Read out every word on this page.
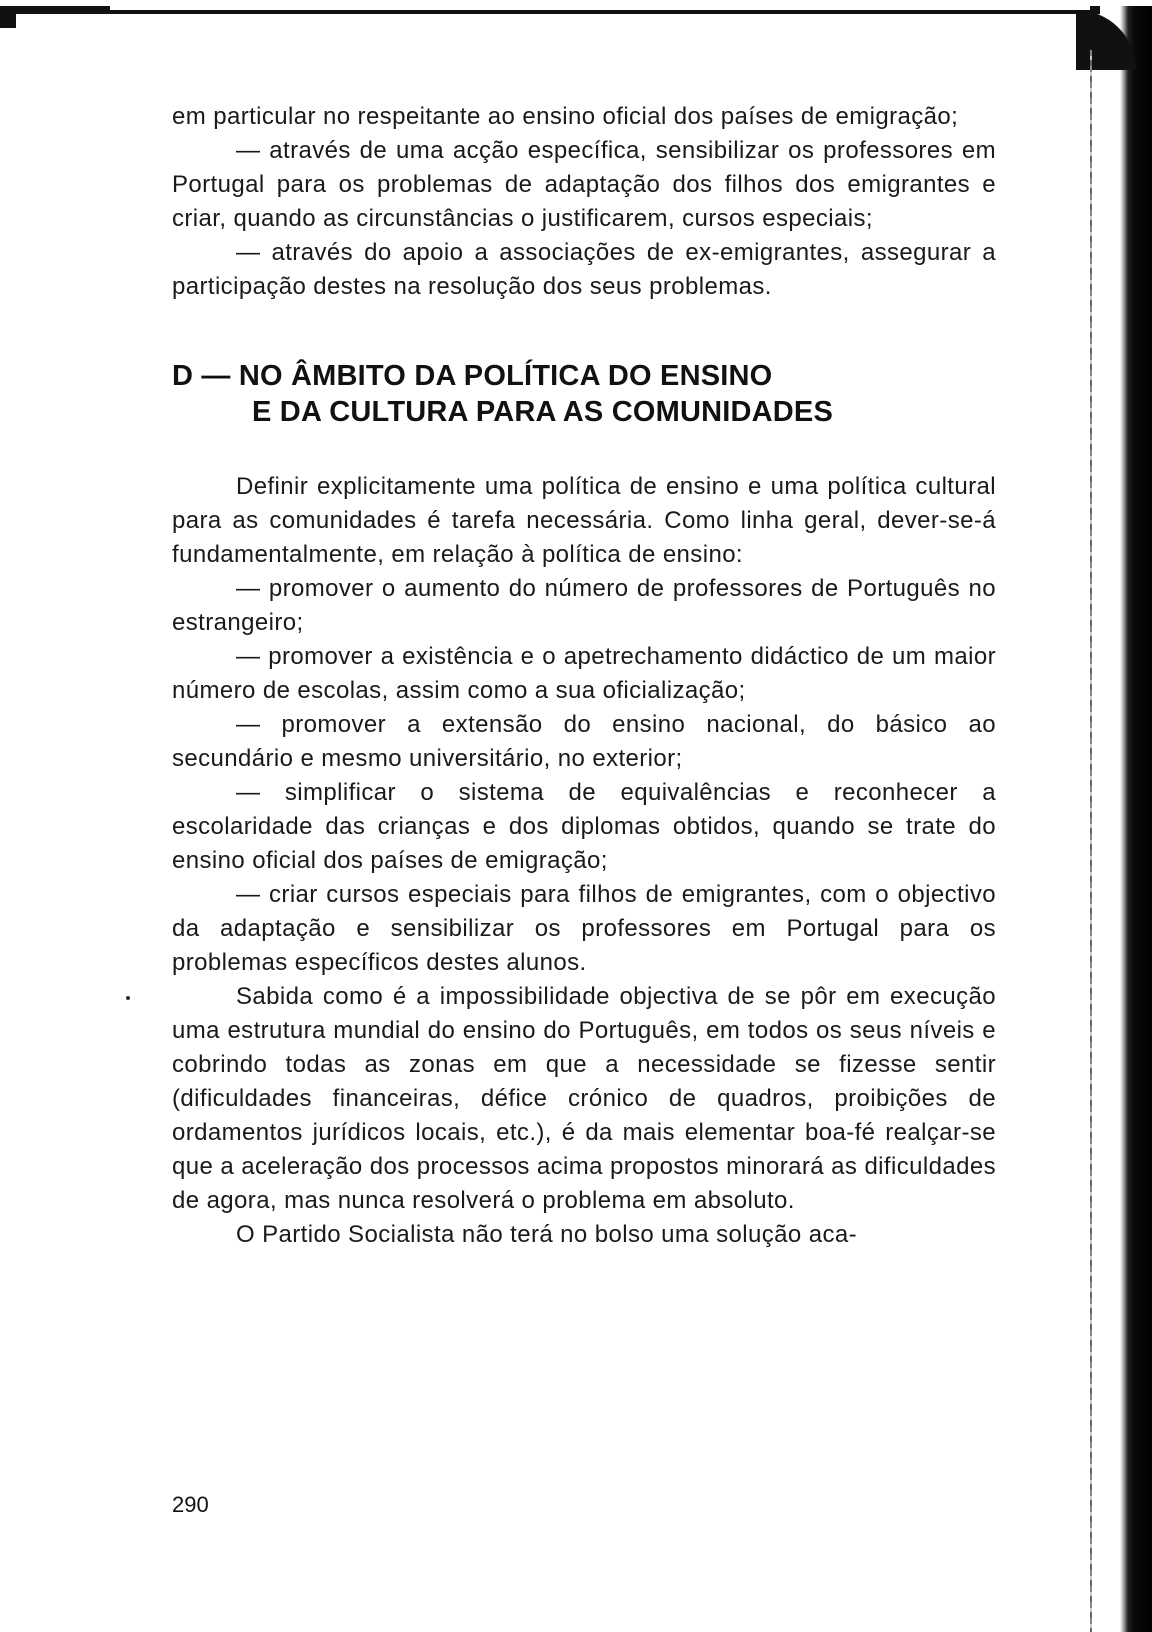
em particular no respeitante ao ensino oficial dos países de emigração;

— através de uma acção específica, sensibilizar os professores em Portugal para os problemas de adaptação dos filhos dos emigrantes e criar, quando as circunstâncias o justificarem, cursos especiais;

— através do apoio a associações de ex-emigrantes, assegurar a participação destes na resolução dos seus problemas.

D — NO ÂMBITO DA POLÍTICA DO ENSINO
E DA CULTURA PARA AS COMUNIDADES

Definir explicitamente uma política de ensino e uma política cultural para as comunidades é tarefa necessária. Como linha geral, dever-se-á fundamentalmente, em relação à política de ensino:

— promover o aumento do número de professores de Português no estrangeiro;

— promover a existência e o apetrechamento didáctico de um maior número de escolas, assim como a sua oficialização;

— promover a extensão do ensino nacional, do básico ao secundário e mesmo universitário, no exterior;

— simplificar o sistema de equivalências e reconhecer a escolaridade das crianças e dos diplomas obtidos, quando se trate do ensino oficial dos países de emigração;

— criar cursos especiais para filhos de emigrantes, com o objectivo da adaptação e sensibilizar os professores em Portugal para os problemas específicos destes alunos.

Sabida como é a impossibilidade objectiva de se pôr em execução uma estrutura mundial do ensino do Português, em todos os seus níveis e cobrindo todas as zonas em que a necessidade se fizesse sentir (dificuldades financeiras, défice crónico de quadros, proibições de ordamentos jurídicos locais, etc.), é da mais elementar boa-fé realçar-se que a aceleração dos processos acima propostos minorará as dificuldades de agora, mas nunca resolverá o problema em absoluto.

O Partido Socialista não terá no bolso uma solução aca-

290
